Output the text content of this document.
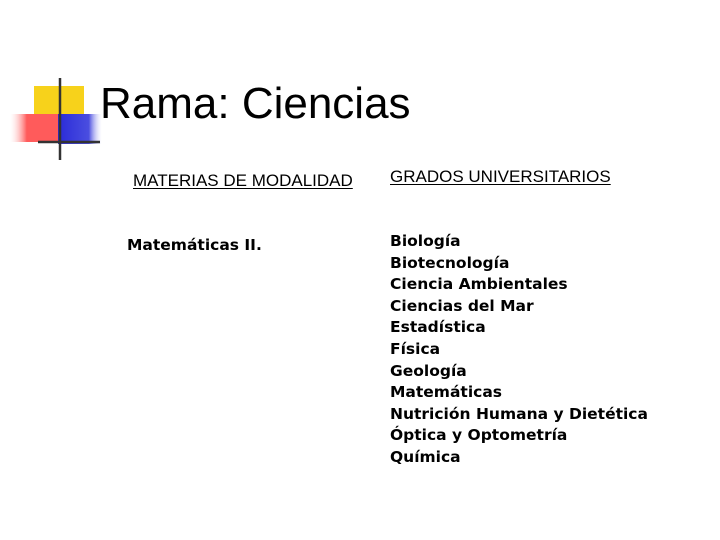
Rama: Ciencias
MATERIAS DE MODALIDAD GRADOS UNIVERSITARIOS
Matemáticas II.	Biología
Biotecnología
Ciencia Ambientales
Ciencias del Mar
Estadística
Física
Geología
Matemáticas
Nutrición Humana y Dietética
Óptica y Optometría
Química
